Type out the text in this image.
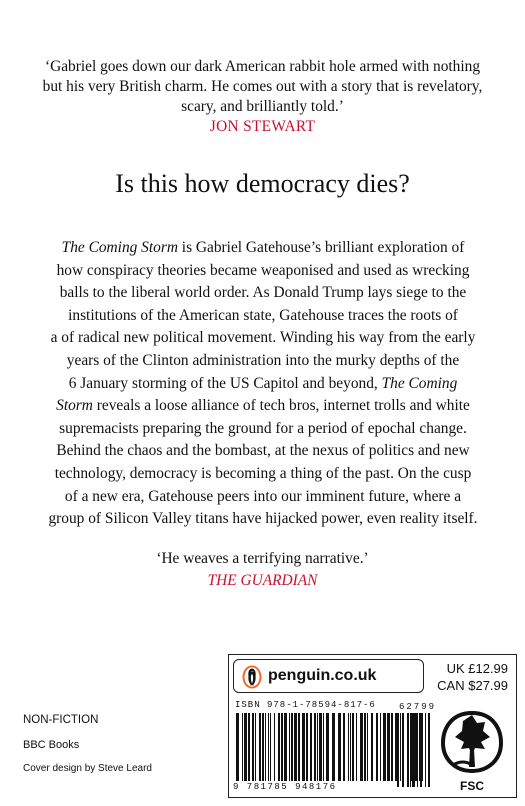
‘Gabriel goes down our dark American rabbit hole armed with nothing
but his very British charm. He comes out with a story that is revelatory,
scary, and brilliantly told.’
JON STEWART
Is this how democracy dies?
The Coming Storm is Gabriel Gatehouse’s brilliant exploration of
how conspiracy theories became weaponised and used as wrecking
balls to the liberal world order. As Donald Trump lays siege to the
institutions of the American state, Gatehouse traces the roots of
a of radical new political movement. Winding his way from the early
years of the Clinton administration into the murky depths of the
6 January storming of the US Capitol and beyond, The Coming
Storm reveals a loose alliance of tech bros, internet trolls and white
supremacists preparing the ground for a period of epochal change.
Behind the chaos and the bombast, at the nexus of politics and new
technology, democracy is becoming a thing of the past. On the cusp
of a new era, Gatehouse peers into our imminent future, where a
group of Silicon Valley titans have hijacked power, even reality itself.
‘He weaves a terrifying narrative.’
THE GUARDIAN
penguin.co.uk	UK £12.99
CAN $27.99
ISBN 978-1-78594-817-6	62799
9 781785 948176	FSC
NON-FICTION
BBC Books
Cover design by Steve Leard
